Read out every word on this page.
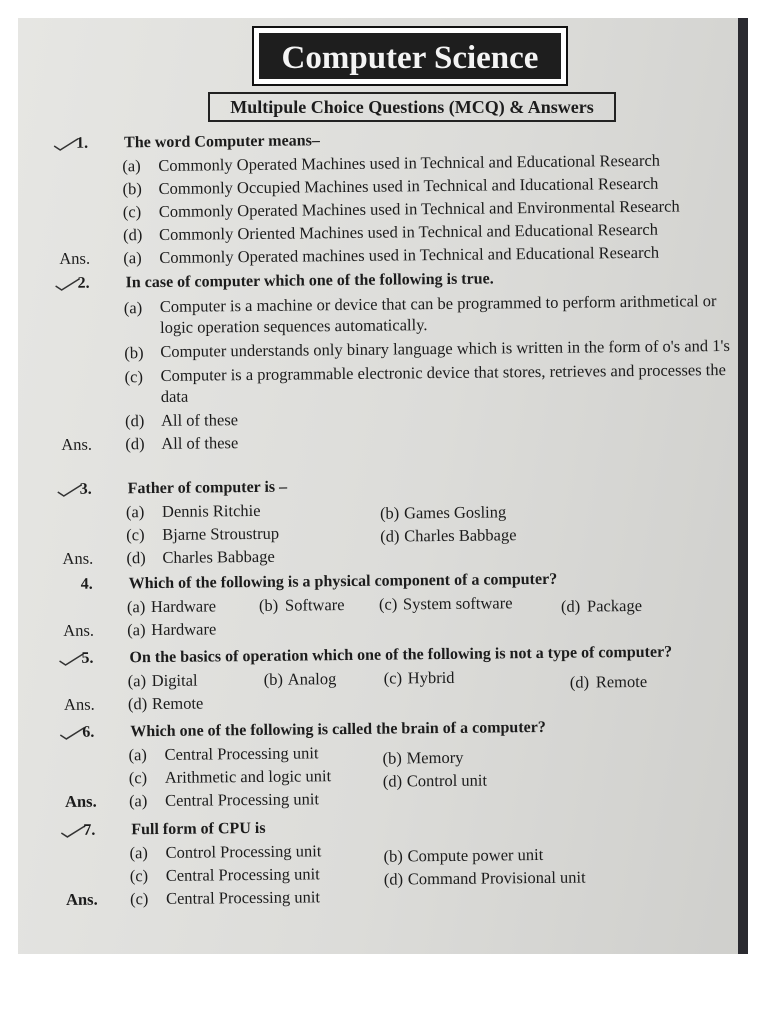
Computer Science
Multipule Choice Questions (MCQ) & Answers
1. The word Computer means–
(a) Commonly Operated Machines used in Technical and Educational Research
(b) Commonly Occupied Machines used in Technical and Iducational Research
(c) Commonly Operated Machines used in Technical and Environmental Research
(d) Commonly Oriented Machines used in Technical and Educational Research
Ans. (a) Commonly Operated machines used in Technical and Educational Research
2. In case of computer which one of the following is true.
(a) Computer is a machine or device that can be programmed to perform arithmetical or logic operation sequences automatically.
(b) Computer understands only binary language which is written in the form of o's and 1's
(c) Computer is a programmable electronic device that stores, retrieves and processes the data
(d) All of these
Ans. (d) All of these
3. Father of computer is –
(a) Dennis Ritchie	(b) Games Gosling
(c) Bjarne Stroustrup	(d) Charles Babbage
Ans. (d) Charles Babbage
4. Which of the following is a physical component of a computer?
(a) Hardware	(b) Software (c) System software	(d) Package
Ans. (a) Hardware
5. On the basics of operation which one of the following is not a type of computer?
(a) Digital	(b) Analog	(c) Hybrid	(d) Remote
Ans. (d) Remote
6. Which one of the following is called the brain of a computer?
(a) Central Processing unit	(b) Memory
(c) Arithmetic and logic unit	(d) Control unit
Ans. (a) Central Processing unit
7. Full form of CPU is
(a) Control Processing unit	(b) Compute power unit
(c) Central Processing unit	(d) Command Provisional unit
Ans. (c) Central Processing unit
